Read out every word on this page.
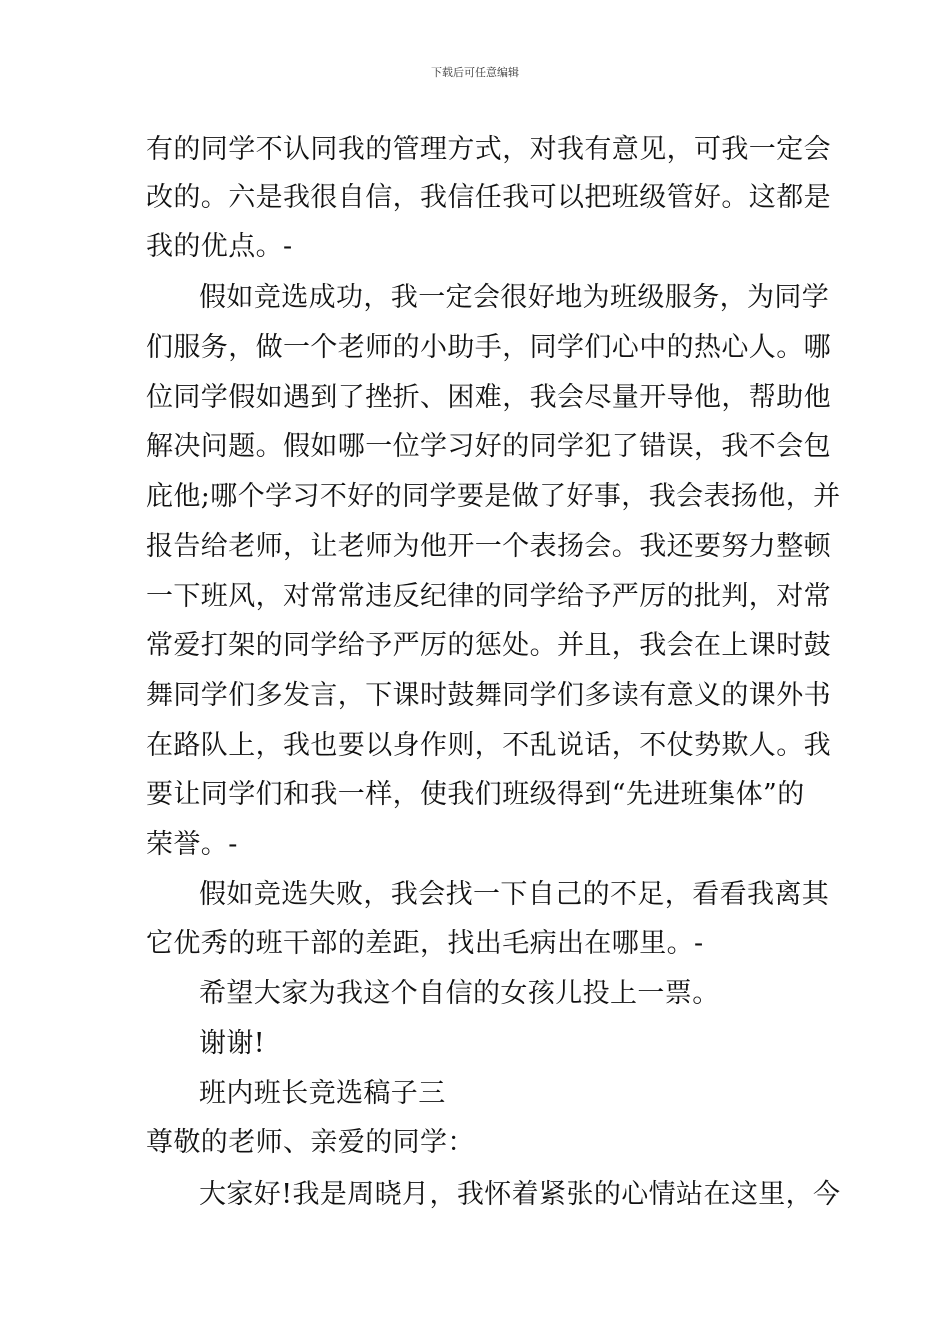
下载后可任意编辑
有的同学不认同我的管理方式，对我有意见，可我一定会
改的。六是我很自信，我信任我可以把班级管好。这都是
我的优点。-
假如竞选成功，我一定会很好地为班级服务，为同学
们服务，做一个老师的小助手，同学们心中的热心人。哪
位同学假如遇到了挫折、困难，我会尽量开导他，帮助他
解决问题。假如哪一位学习好的同学犯了错误，我不会包
庇他;哪个学习不好的同学要是做了好事，我会表扬他，并
报告给老师，让老师为他开一个表扬会。我还要努力整顿
一下班风，对常常违反纪律的同学给予严厉的批判，对常
常爱打架的同学给予严厉的惩处。并且，我会在上课时鼓
舞同学们多发言，下课时鼓舞同学们多读有意义的课外书
在路队上，我也要以身作则，不乱说话，不仗势欺人。我
要让同学们和我一样，使我们班级得到“先进班集体”的
荣誉。-
假如竞选失败，我会找一下自己的不足，看看我离其
它优秀的班干部的差距，找出毛病出在哪里。-
希望大家为我这个自信的女孩儿投上一票。
谢谢!
班内班长竞选稿子三
尊敬的老师、亲爱的同学：
大家好!我是周晓月，我怀着紧张的心情站在这里，今
